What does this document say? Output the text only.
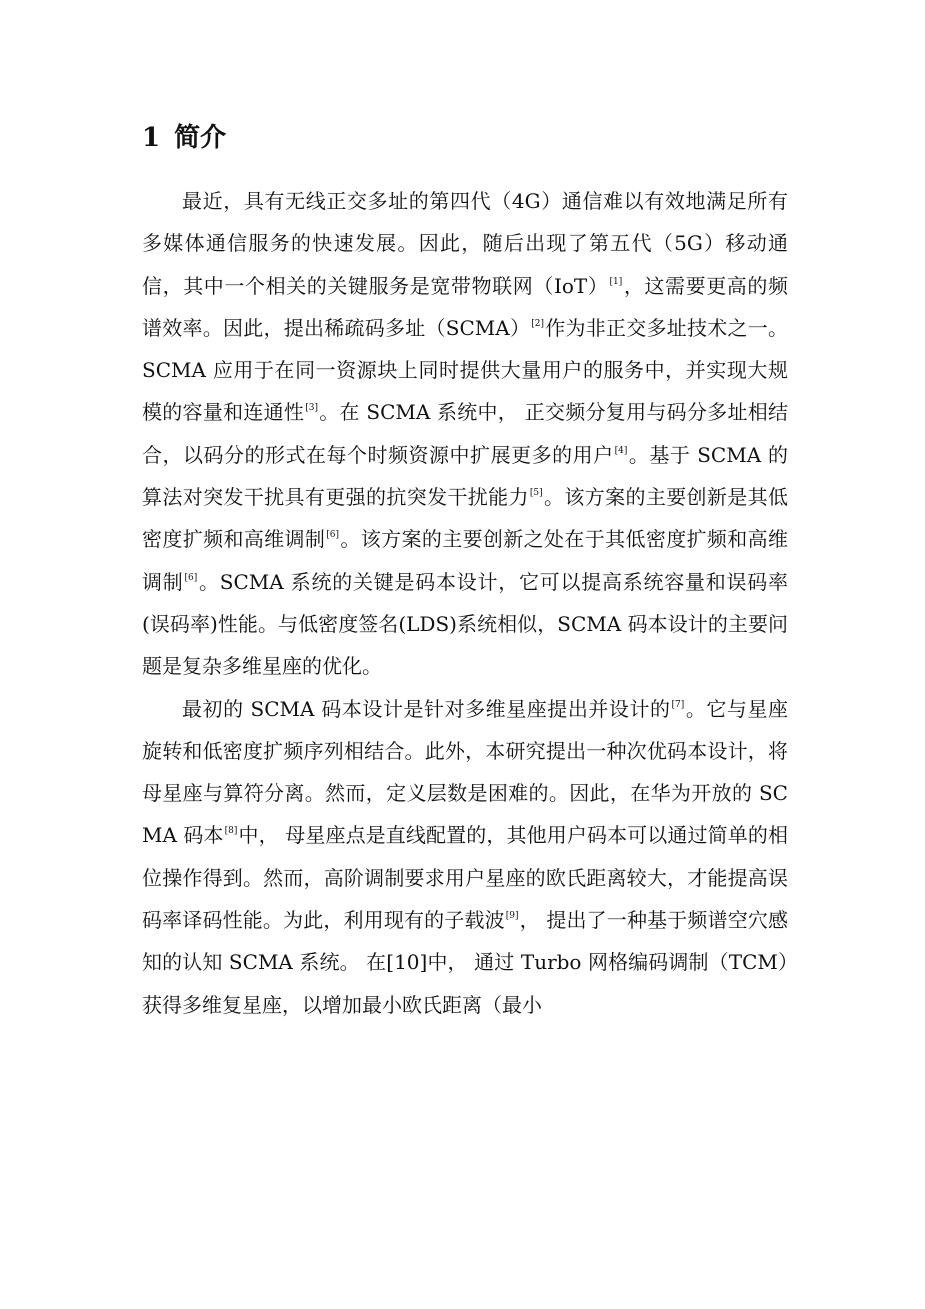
1 简介

最近，具有无线正交多址的第四代（4G）通信难以有效地满足所有多媒体通信服务的快速发展。因此，随后出现了第五代（5G）移动通信，其中一个相关的关键服务是宽带物联网（IoT）[1]，这需要更高的频谱效率。因此，提出稀疏码多址（SCMA）[2]作为非正交多址技术之一。 SCMA 应用于在同一资源块上同时提供大量用户的服务中，并实现大规模的容量和连通性[3]。在 SCMA 系统中， 正交频分复用与码分多址相结合，以码分的形式在每个时频资源中扩展更多的用户[4]。基于 SCMA 的算法对突发干扰具有更强的抗突发干扰能力[5]。该方案的主要创新是其低密度扩频和高维调制[6]。该方案的主要创新之处在于其低密度扩频和高维调制[6]。SCMA 系统的关键是码本设计，它可以提高系统容量和误码率(误码率)性能。与低密度签名(LDS)系统相似，SCMA 码本设计的主要问题是复杂多维星座的优化。

最初的 SCMA 码本设计是针对多维星座提出并设计的[7]。它与星座旋转和低密度扩频序列相结合。此外，本研究提出一种次优码本设计，将母星座与算符分离。然而，定义层数是困难的。因此，在华为开放的 SCMA 码本[8]中， 母星座点是直线配置的，其他用户码本可以通过简单的相位操作得到。然而，高阶调制要求用户星座的欧氏距离较大，才能提高误码率译码性能。为此，利用现有的子载波[9]， 提出了一种基于频谱空穴感知的认知 SCMA 系统。 在[10]中， 通过 Turbo 网格编码调制（TCM）获得多维复星座，以增加最小欧氏距离（最小
